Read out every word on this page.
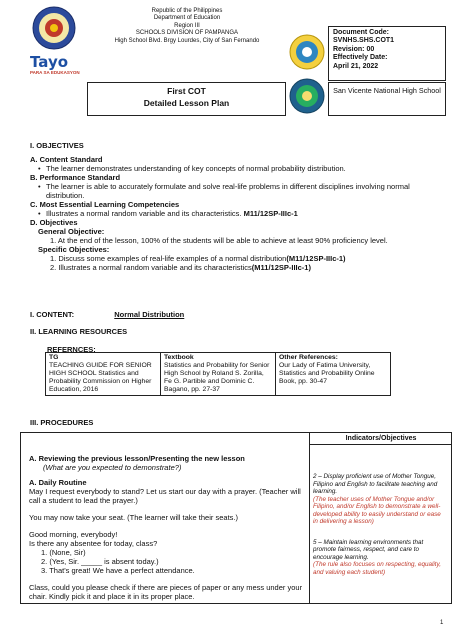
Tayo
PARA SA EDUKASYON
Republic of the Philippines
Department of Education
Region III
SCHOOLS DIVISION OF PAMPANGA
High School Blvd. Brgy Lourdes, City of San Fernando
First COT
Detailed Lesson Plan
Document Code:
SVNHS.SHS.COT1
Revision: 00
Effectively Date:
April 21, 2022
San Vicente National High School
I. OBJECTIVES
A. Content Standard
• The learner demonstrates understanding of key concepts of normal probability distribution.
B. Performance Standard
• The learner is able to accurately formulate and solve real-life problems in different disciplines involving normal distribution.
C. Most Essential Learning Competencies
• Illustrates a normal random variable and its characteristics. M11/12SP-IIIc-1
D. Objectives
General Objective:
1. At the end of the lesson, 100% of the students will be able to achieve at least 90% proficiency level.
Specific Objectives:
1. Discuss some examples of real-life examples of a normal distribution(M11/12SP-IIIc-1)
2. Illustrates a normal random variable and its characteristics(M11/12SP-IIIc-1)
I. CONTENT:	Normal Distribution
II. LEARNING RESOURCES
REFERNCES:
TG
TEACHING GUIDE FOR SENIOR HIGH SCHOOL Statistics and Probability Commission on Higher Education, 2016

Textbook
Statistics and Probability for Senior High School by Roland S. Zorilla, Fe G. Partible and Dominic C. Bagano, pp. 27-37

Other References:
Our Lady of Fatima University, Statistics and Probability Online Book, pp. 30-47
III. PROCEDURES
Indicators/Objectives
A. Reviewing the previous lesson/Presenting the new lesson
(What are you expected to demonstrate?)
A. Daily Routine
May I request everybody to stand? Let us start our day with a prayer. (Teacher will call a student to lead the prayer.)
You may now take your seat. (The learner will take their seats.)
Good morning, everybody!
Is there any absentee for today, class?
1. (None, Sir)
2. (Yes, Sir. _____ is absent today.)
3. That's great! We have a perfect attendance.
Class, could you please check if there are pieces of paper or any mess under your chair. Kindly pick it and place it in its proper place.
2 – Display proficient use of Mother Tongue, Filipino and English to facilitate teaching and learning.
(The teacher uses of Mother Tongue and/or Filipino, and/or English to demonstrate a well-developed ability to easily understand or ease in delivering a lesson)
5 – Maintain learning environments that promote fairness, respect, and care to encourage learning.
(The rule also focuses on respecting, equality, and valuing each student)
1
